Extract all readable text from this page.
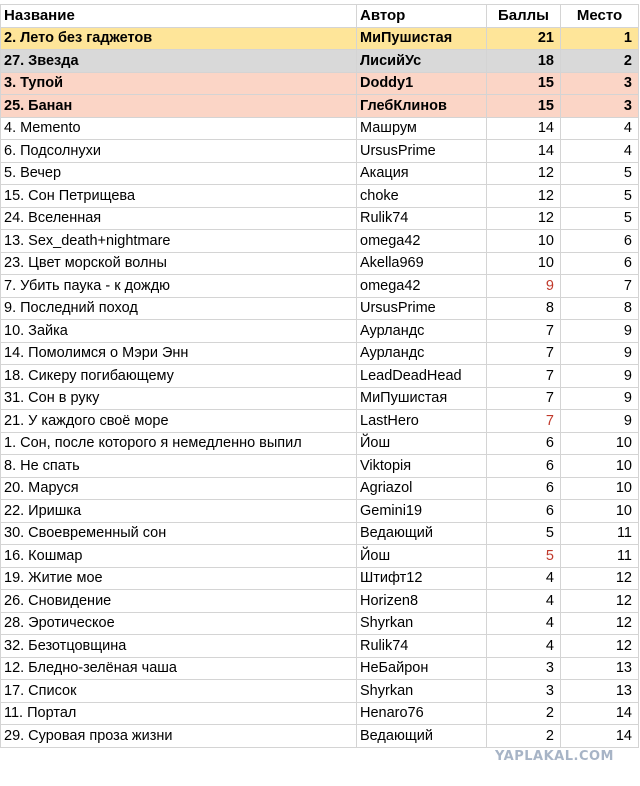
Название	Автор	Баллы	Место
2. Лето без гаджетов	МиПушистая	21	1
27. Звезда	ЛисийУс	18	2
3. Тупой	Doddy1	15	3
25. Банан	ГлебКлинов	15	3
4. Memento	Машрум	14	4
6. Подсолнухи	UrsusPrime	14	4
5. Вечер	Акация	12	5
15. Сон Петрищева	choke	12	5
24. Вселенная	Rulik74	12	5
13. Sex_death+nightmare	omega42	10	6
23. Цвет морской волны	Akella969	10	6
7. Убить паука - к дождю	omega42	9	7
9. Последний поход	UrsusPrime	8	8
10. Зайка	Аурландс	7	9
14. Помолимся о Мэри Энн	Аурландс	7	9
18. Сикеру погибающему	LeadDeadHead	7	9
31. Сон в руку	МиПушистая	7	9
21. У каждого своё море	LastHero	7	9
1. Сон, после которого я немедленно выпил	Йош	6	10
8. Не спать	Viktopія	6	10
20. Маруся	Agriazol	6	10
22. Иришка	Gemini19	6	10
30. Своевременный сон	Ведающий	5	11
16. Кошмар	Йош	5	11
19. Житие мое	Штифт12	4	12
26. Сновидение	Horizen8	4	12
28. Эротическое	Shyrkan	4	12
32. Безотцовщина	Rulik74	4	12
12. Бледно-зелёная чаша	НеБайрон	3	13
17. Список	Shyrkan	3	13
11. Портал	Henaro76	2	14
29. Суровая проза жизни	Ведающий	2	14
YAPLAKAL.COM
